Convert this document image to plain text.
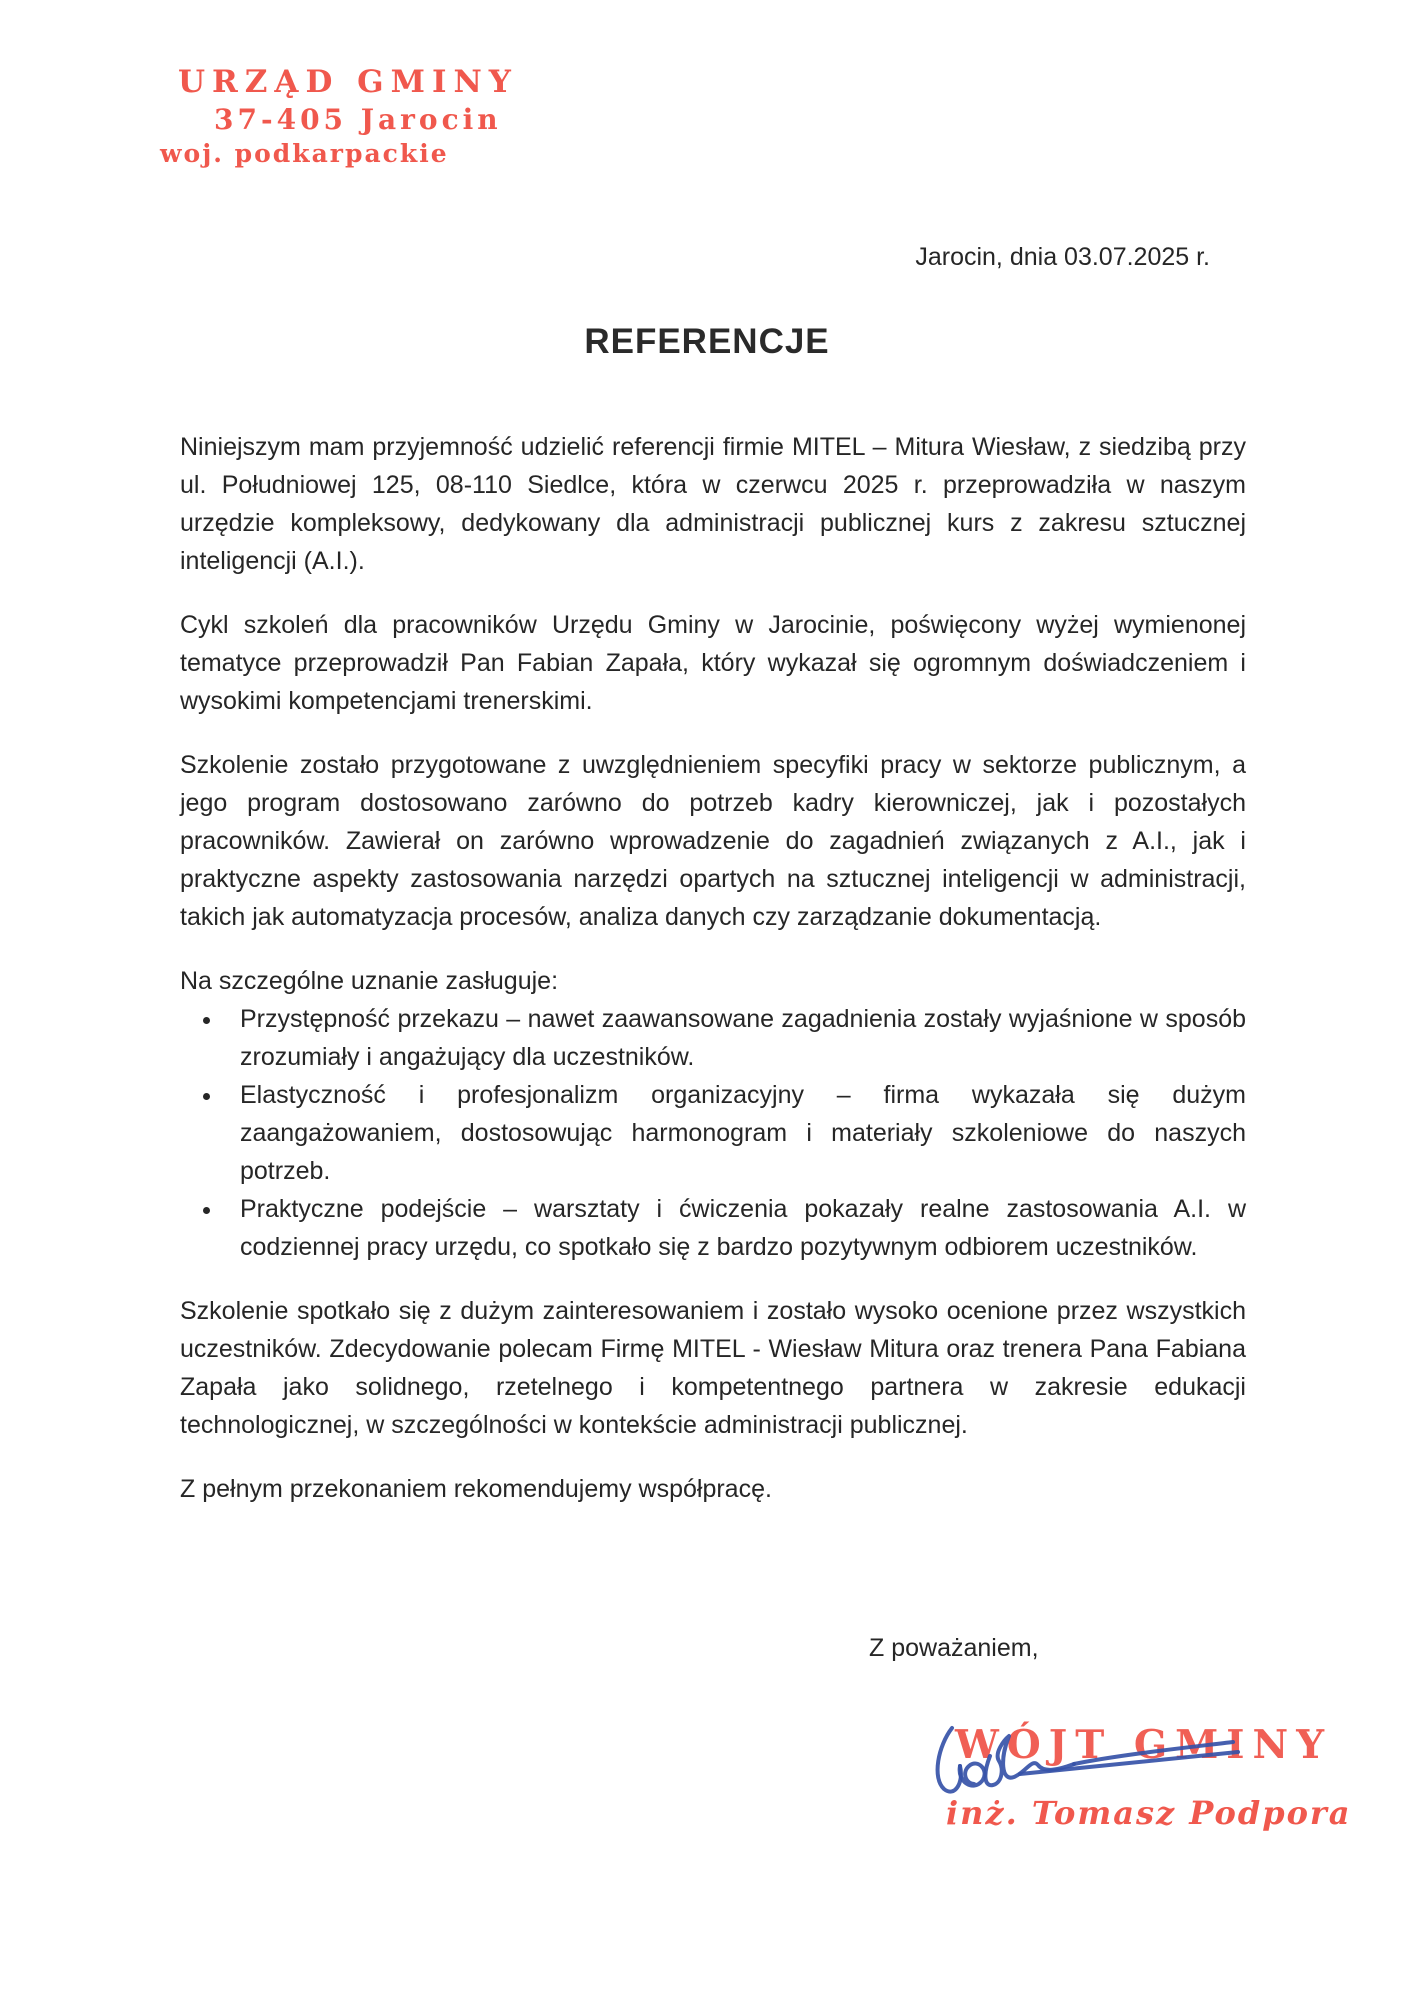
URZĄD GMINY
37-405 Jarocin
woj. podkarpackie
Jarocin, dnia 03.07.2025 r.
REFERENCJE

Niniejszym mam przyjemność udzielić referencji firmie MITEL – Mitura Wiesław, z siedzibą przy ul. Południowej 125, 08-110 Siedlce, która w czerwcu 2025 r. przeprowadziła w naszym urzędzie kompleksowy, dedykowany dla administracji publicznej kurs z zakresu sztucznej inteligencji (A.I.).

Cykl szkoleń dla pracowników Urzędu Gminy w Jarocinie, poświęcony wyżej wymienonej tematyce przeprowadził Pan Fabian Zapała, który wykazał się ogromnym doświadczeniem i wysokimi kompetencjami trenerskimi.

Szkolenie zostało przygotowane z uwzględnieniem specyfiki pracy w sektorze publicznym, a jego program dostosowano zarówno do potrzeb kadry kierowniczej, jak i pozostałych pracowników. Zawierał on zarówno wprowadzenie do zagadnień związanych z A.I., jak i praktyczne aspekty zastosowania narzędzi opartych na sztucznej inteligencji w administracji, takich jak automatyzacja procesów, analiza danych czy zarządzanie dokumentacją.

Na szczególne uznanie zasługuje:

• Przystępność przekazu – nawet zaawansowane zagadnienia zostały wyjaśnione w sposób zrozumiały i angażujący dla uczestników.
• Elastyczność i profesjonalizm organizacyjny – firma wykazała się dużym zaangażowaniem, dostosowując harmonogram i materiały szkoleniowe do naszych potrzeb.
• Praktyczne podejście – warsztaty i ćwiczenia pokazały realne zastosowania A.I. w codziennej pracy urzędu, co spotkało się z bardzo pozytywnym odbiorem uczestników.

Szkolenie spotkało się z dużym zainteresowaniem i zostało wysoko ocenione przez wszystkich uczestników. Zdecydowanie polecam Firmę MITEL - Wiesław Mitura oraz trenera Pana Fabiana Zapała jako solidnego, rzetelnego i kompetentnego partnera w zakresie edukacji technologicznej, w szczególności w kontekście administracji publicznej.

Z pełnym przekonaniem rekomendujemy współpracę.

Z poważaniem,
WÓJT GMINY
inż. Tomasz Podpora
